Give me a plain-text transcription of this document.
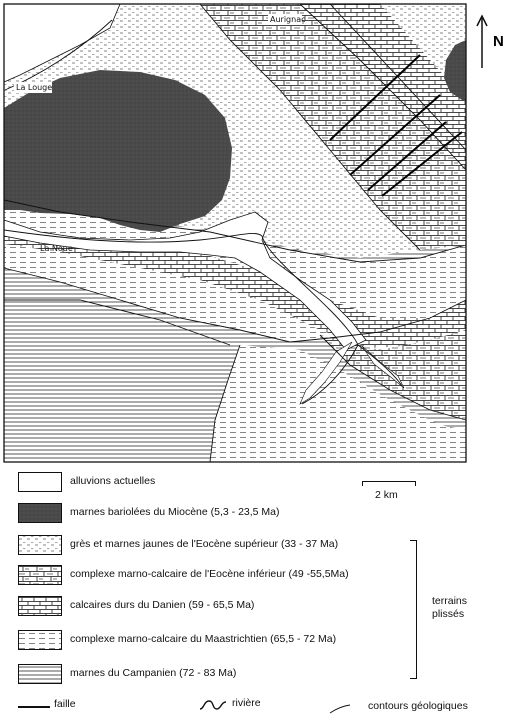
Aurignac
La Louge
La Noue
N
2 km
alluvions actuelles
marnes bariolées du Miocène (5,3 - 23,5 Ma)
grès et marnes jaunes de l'Eocène supérieur (33 - 37 Ma)
complexe marno-calcaire de l'Eocène inférieur (49 -55,5Ma)
calcaires durs du Danien (59 - 65,5 Ma)
complexe marno-calcaire du Maastrichtien (65,5 - 72 Ma)
marnes du Campanien (72 - 83 Ma)
terrains
plissés
faille	rivière	contours géologiques
